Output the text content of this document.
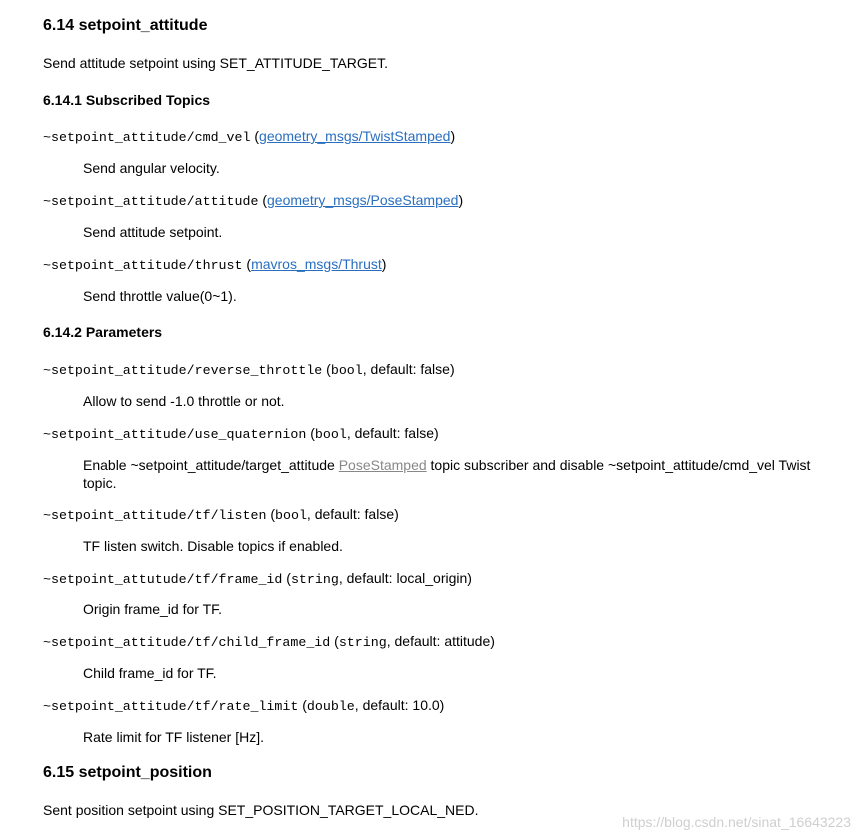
6.14 setpoint_attitude
Send attitude setpoint using SET_ATTITUDE_TARGET.
6.14.1 Subscribed Topics
~setpoint_attitude/cmd_vel (geometry_msgs/TwistStamped)
Send angular velocity.
~setpoint_attitude/attitude (geometry_msgs/PoseStamped)
Send attitude setpoint.
~setpoint_attitude/thrust (mavros_msgs/Thrust)
Send throttle value(0~1).
6.14.2 Parameters
~setpoint_attitude/reverse_throttle (bool, default: false)
Allow to send -1.0 throttle or not.
~setpoint_attitude/use_quaternion (bool, default: false)
Enable ~setpoint_attitude/target_attitude PoseStamped topic subscriber and disable ~setpoint_attitude/cmd_vel Twist topic.
~setpoint_attitude/tf/listen (bool, default: false)
TF listen switch. Disable topics if enabled.
~setpoint_attutude/tf/frame_id (string, default: local_origin)
Origin frame_id for TF.
~setpoint_attitude/tf/child_frame_id (string, default: attitude)
Child frame_id for TF.
~setpoint_attitude/tf/rate_limit (double, default: 10.0)
Rate limit for TF listener [Hz].
6.15 setpoint_position
Sent position setpoint using SET_POSITION_TARGET_LOCAL_NED.
https://blog.csdn.net/sinat_16643223
